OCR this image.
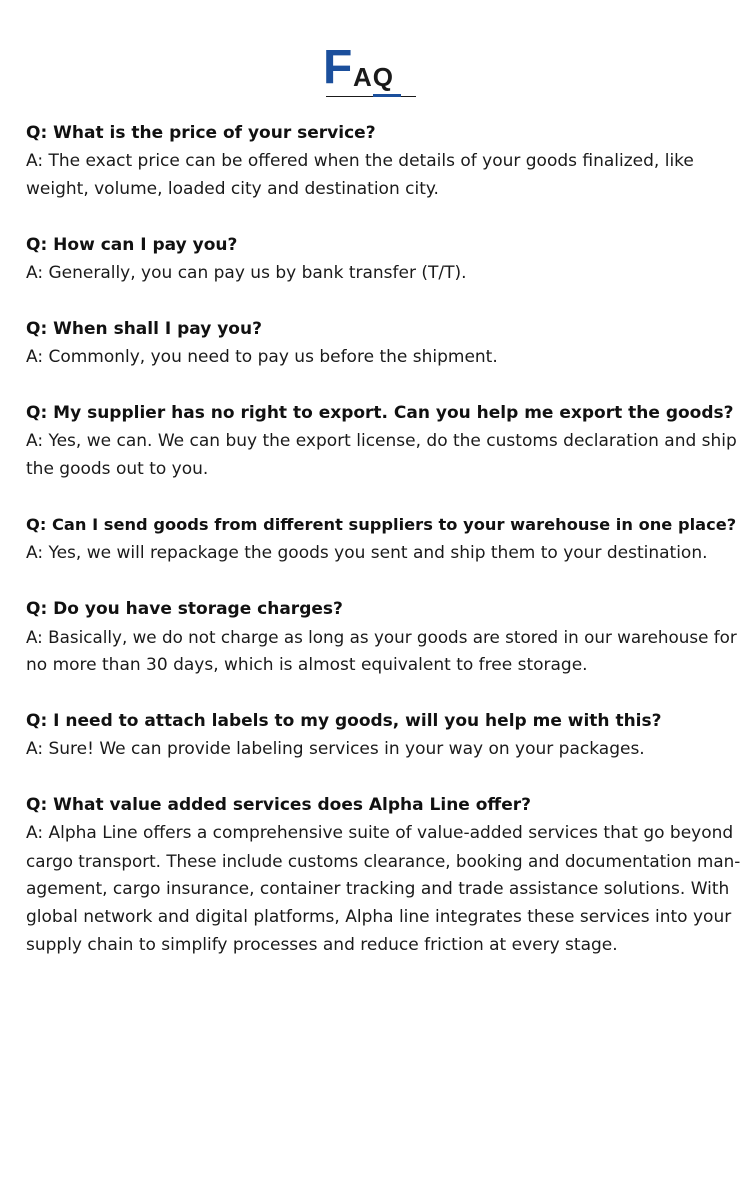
F AQ

Q: What is the price of your service?

A: The exact price can be offered when the details of your goods finalized, like

weight, volume, loaded city and destination city.

Q: How can I pay you?

A: Generally, you can pay us by bank transfer (T/T).

Q: When shall I pay you?

A: Commonly, you need to pay us before the shipment.

Q: My supplier has no right to export. Can you help me export the goods?

A: Yes, we can. We can buy the export license, do the customs declaration and ship

the goods out to you.

Q: Can I send goods from different suppliers to your warehouse in one place?

A: Yes, we will repackage the goods you sent and ship them to your destination.

Q: Do you have storage charges?

A: Basically, we do not charge as long as your goods are stored in our warehouse for

no more than 30 days, which is almost equivalent to free storage.

Q: I need to attach labels to my goods, will you help me with this?

A: Sure! We can provide labeling services in your way on your packages.

Q: What value added services does Alpha Line offer?

A: Alpha Line offers a comprehensive suite of value-added services that go beyond

cargo transport. These include customs clearance, booking and documentation man-

agement, cargo insurance, container tracking and trade assistance solutions. With

global network and digital platforms, Alpha line integrates these services into your

supply chain to simplify processes and reduce friction at every stage.
